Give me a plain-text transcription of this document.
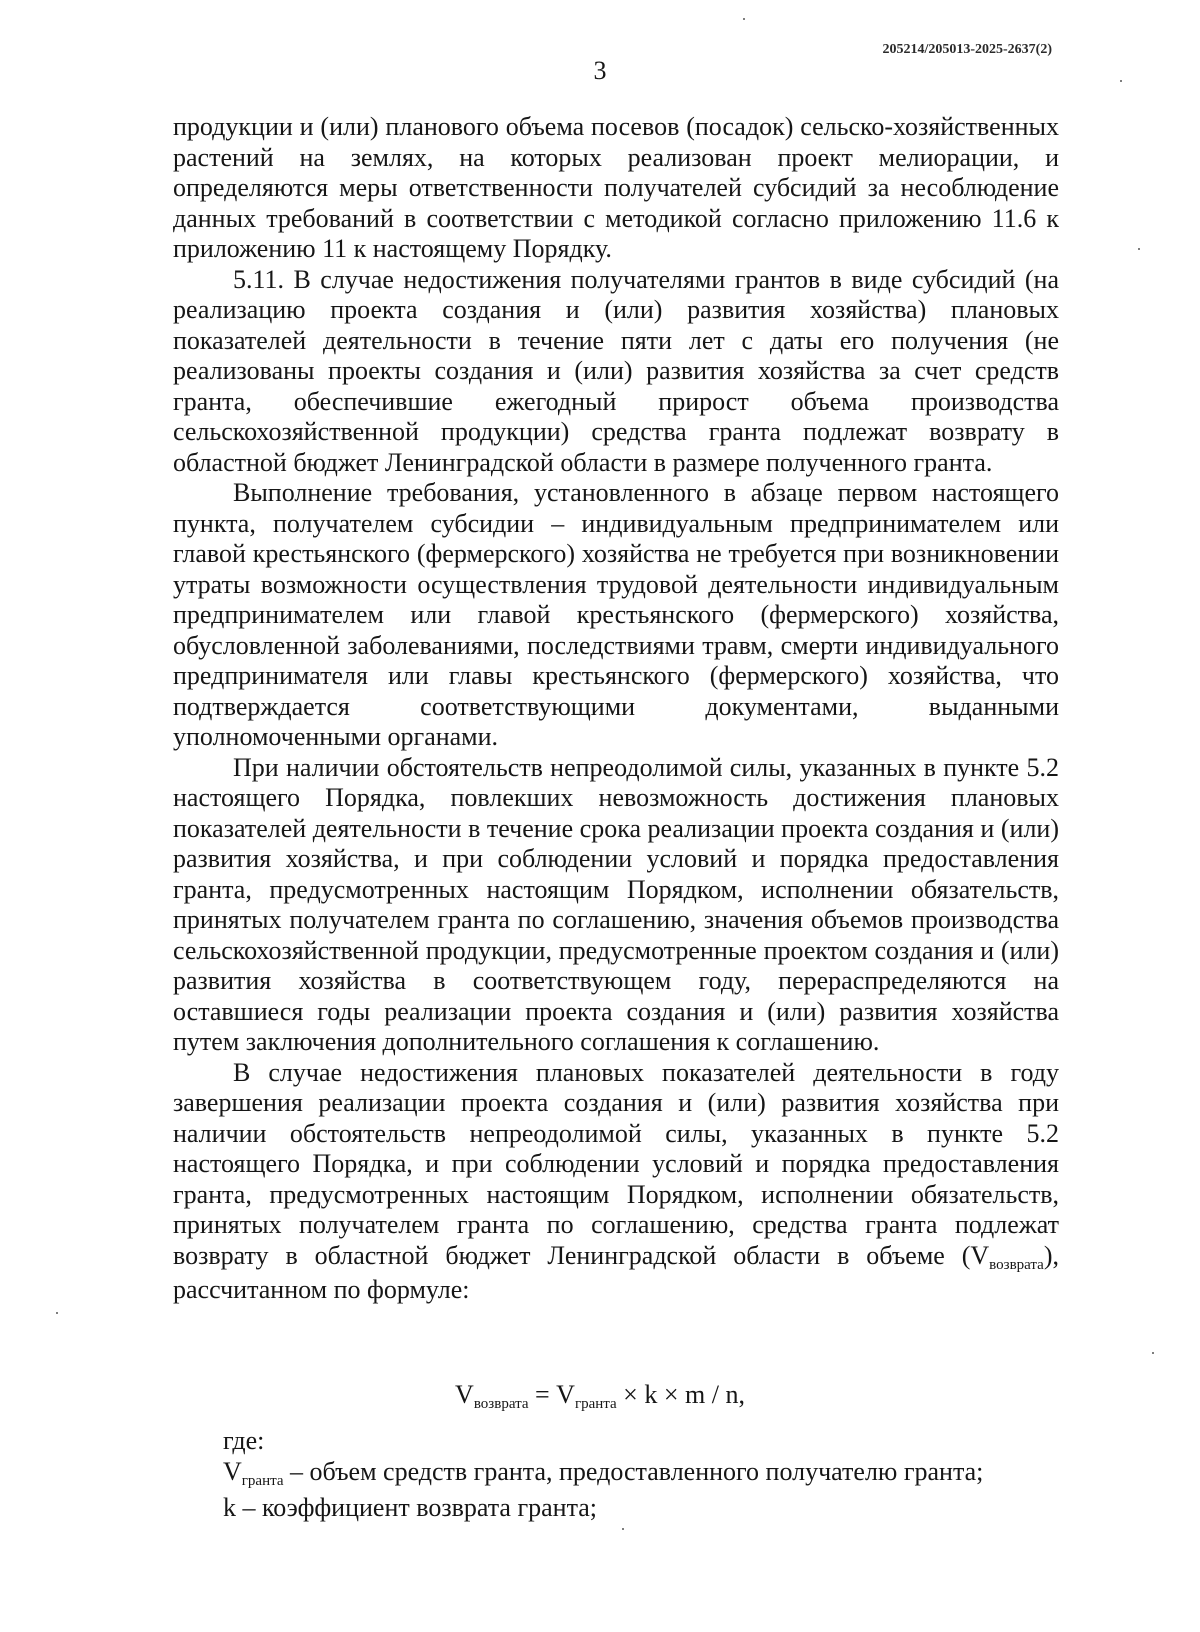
205214/205013-2025-2637(2)
3

продукции и (или) планового объема посевов (посадок) сельско-хозяйственных растений на землях, на которых реализован проект мелиорации, и определяются меры ответственности получателей субсидий за несоблюдение данных требований в соответствии с методикой согласно приложению 11.6 к приложению 11 к настоящему Порядку.

5.11. В случае недостижения получателями грантов в виде субсидий (на реализацию проекта создания и (или) развития хозяйства) плановых показателей деятельности в течение пяти лет с даты его получения (не реализованы проекты создания и (или) развития хозяйства за счет средств гранта, обеспечившие ежегодный прирост объема производства сельскохозяйственной продукции) средства гранта подлежат возврату в областной бюджет Ленинградской области в размере полученного гранта.

Выполнение требования, установленного в абзаце первом настоящего пункта, получателем субсидии – индивидуальным предпринимателем или главой крестьянского (фермерского) хозяйства не требуется при возникновении утраты возможности осуществления трудовой деятельности индивидуальным предпринимателем или главой крестьянского (фермерского) хозяйства, обусловленной заболеваниями, последствиями травм, смерти индивидуального предпринимателя или главы крестьянского (фермерского) хозяйства, что подтверждается соответствующими документами, выданными уполномоченными органами.

При наличии обстоятельств непреодолимой силы, указанных в пункте 5.2 настоящего Порядка, повлекших невозможность достижения плановых показателей деятельности в течение срока реализации проекта создания и (или) развития хозяйства, и при соблюдении условий и порядка предоставления гранта, предусмотренных настоящим Порядком, исполнении обязательств, принятых получателем гранта по соглашению, значения объемов производства сельскохозяйственной продукции, предусмотренные проектом создания и (или) развития хозяйства в соответствующем году, перераспределяются на оставшиеся годы реализации проекта создания и (или) развития хозяйства путем заключения дополнительного соглашения к соглашению.

В случае недостижения плановых показателей деятельности в году завершения реализации проекта создания и (или) развития хозяйства при наличии обстоятельств непреодолимой силы, указанных в пункте 5.2 настоящего Порядка, и при соблюдении условий и порядка предоставления гранта, предусмотренных настоящим Порядком, исполнении обязательств, принятых получателем гранта по соглашению, средства гранта подлежат возврату в областной бюджет Ленинградской области в объеме (Vвозврата), рассчитанном по формуле:

Vвозврата = Vгранта × k × m / n,

где:

Vгранта – объем средств гранта, предоставленного получателю гранта;

k – коэффициент возврата гранта;
